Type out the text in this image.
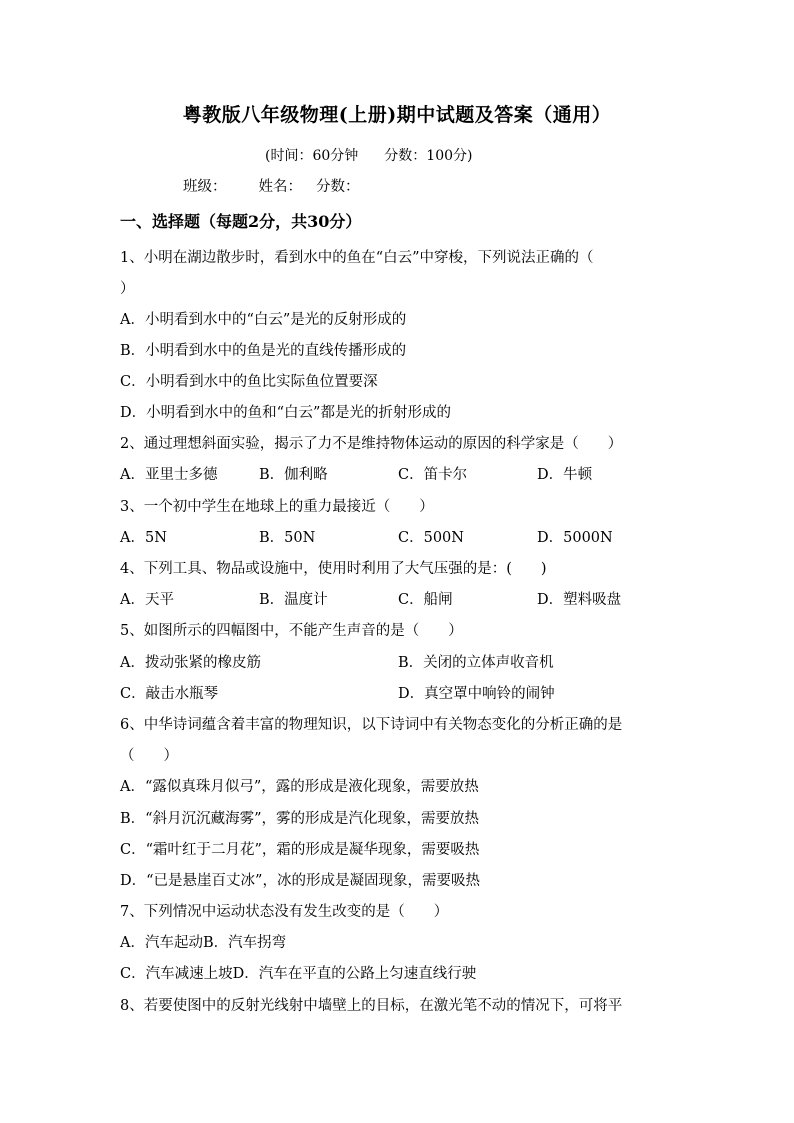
粤教版八年级物理(上册)期中试题及答案（通用）
(时间：60分钟 分数：100分)
班级： 姓名： 分数：
一、选择题（每题2分，共30分）
1、小明在湖边散步时，看到水中的鱼在“白云”中穿梭，下列说法正确的（
）
A．小明看到水中的“白云”是光的反射形成的
B．小明看到水中的鱼是光的直线传播形成的
C．小明看到水中的鱼比实际鱼位置要深
D．小明看到水中的鱼和“白云”都是光的折射形成的
2、通过理想斜面实验，揭示了力不是维持物体运动的原因的科学家是（　　）
A．亚里士多德	B．伽利略	C．笛卡尔	D．牛顿
3、一个初中学生在地球上的重力最接近（　　）
A．5N	B．50N	C．500N	D．5000N
4、下列工具、物品或设施中，使用时利用了大气压强的是：(　　)
A．天平	B．温度计	C．船闸	D．塑料吸盘
5、如图所示的四幅图中，不能产生声音的是（　　）
A．拨动张紧的橡皮筋	B．关闭的立体声收音机
C．敲击水瓶琴	D．真空罩中响铃的闹钟
6、中华诗词蕴含着丰富的物理知识，以下诗词中有关物态变化的分析正确的是
（　　）
A．“露似真珠月似弓”，露的形成是液化现象，需要放热
B．“斜月沉沉藏海雾”，雾的形成是汽化现象，需要放热
C．“霜叶红于二月花”，霜的形成是凝华现象，需要吸热
D．“已是悬崖百丈冰”，冰的形成是凝固现象，需要吸热
7、下列情况中运动状态没有发生改变的是（　　）
A．汽车起动B．汽车拐弯
C．汽车减速上坡D．汽车在平直的公路上匀速直线行驶
8、若要使图中的反射光线射中墙壁上的目标，在激光笔不动的情况下，可将平
